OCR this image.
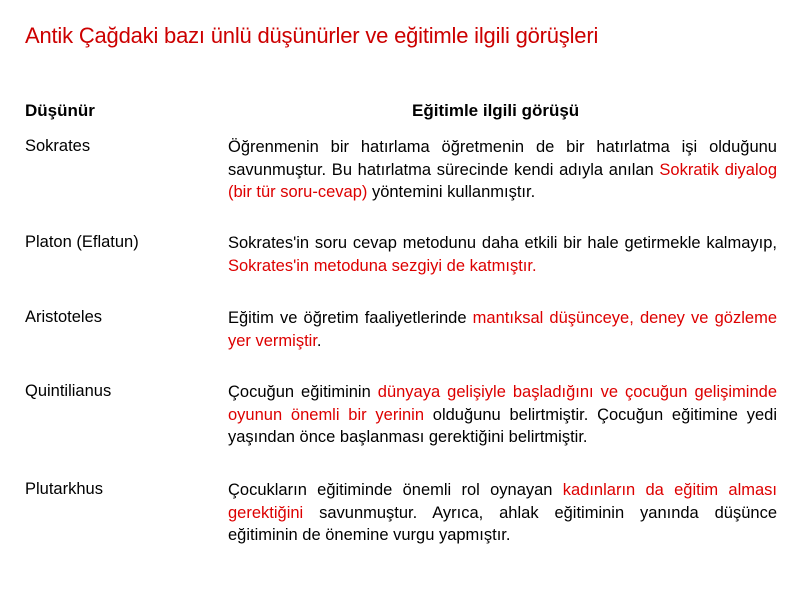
Antik Çağdaki bazı ünlü düşünürler ve eğitimle ilgili görüşleri
Düşünür	Eğitimle ilgili görüşü
Sokrates	Öğrenmenin bir hatırlama öğretmenin de bir hatırlatma işi olduğunu savunmuştur. Bu hatırlatma sürecinde kendi adıyla anılan Sokratik diyalog (bir tür soru-cevap) yöntemini kullanmıştır.
Platon (Eflatun)	Sokrates'in soru cevap metodunu daha etkili bir hale getirmekle kalmayıp, Sokrates'in metoduna sezgiyi de katmıştır.
Aristoteles	Eğitim ve öğretim faaliyetlerinde mantıksal düşünceye, deney ve gözleme yer vermiştir.
Quintilianus	Çocuğun eğitiminin dünyaya gelişiyle başladığını ve çocuğun gelişiminde oyunun önemli bir yerinin olduğunu belirtmiştir. Çocuğun eğitimine yedi yaşından önce başlanması gerektiğini belirtmiştir.
Plutarkhus	Çocukların eğitiminde önemli rol oynayan kadınların da eğitim alması gerektiğini savunmuştur. Ayrıca, ahlak eğitiminin yanında düşünce eğitiminin de önemine vurgu yapmıştır.
